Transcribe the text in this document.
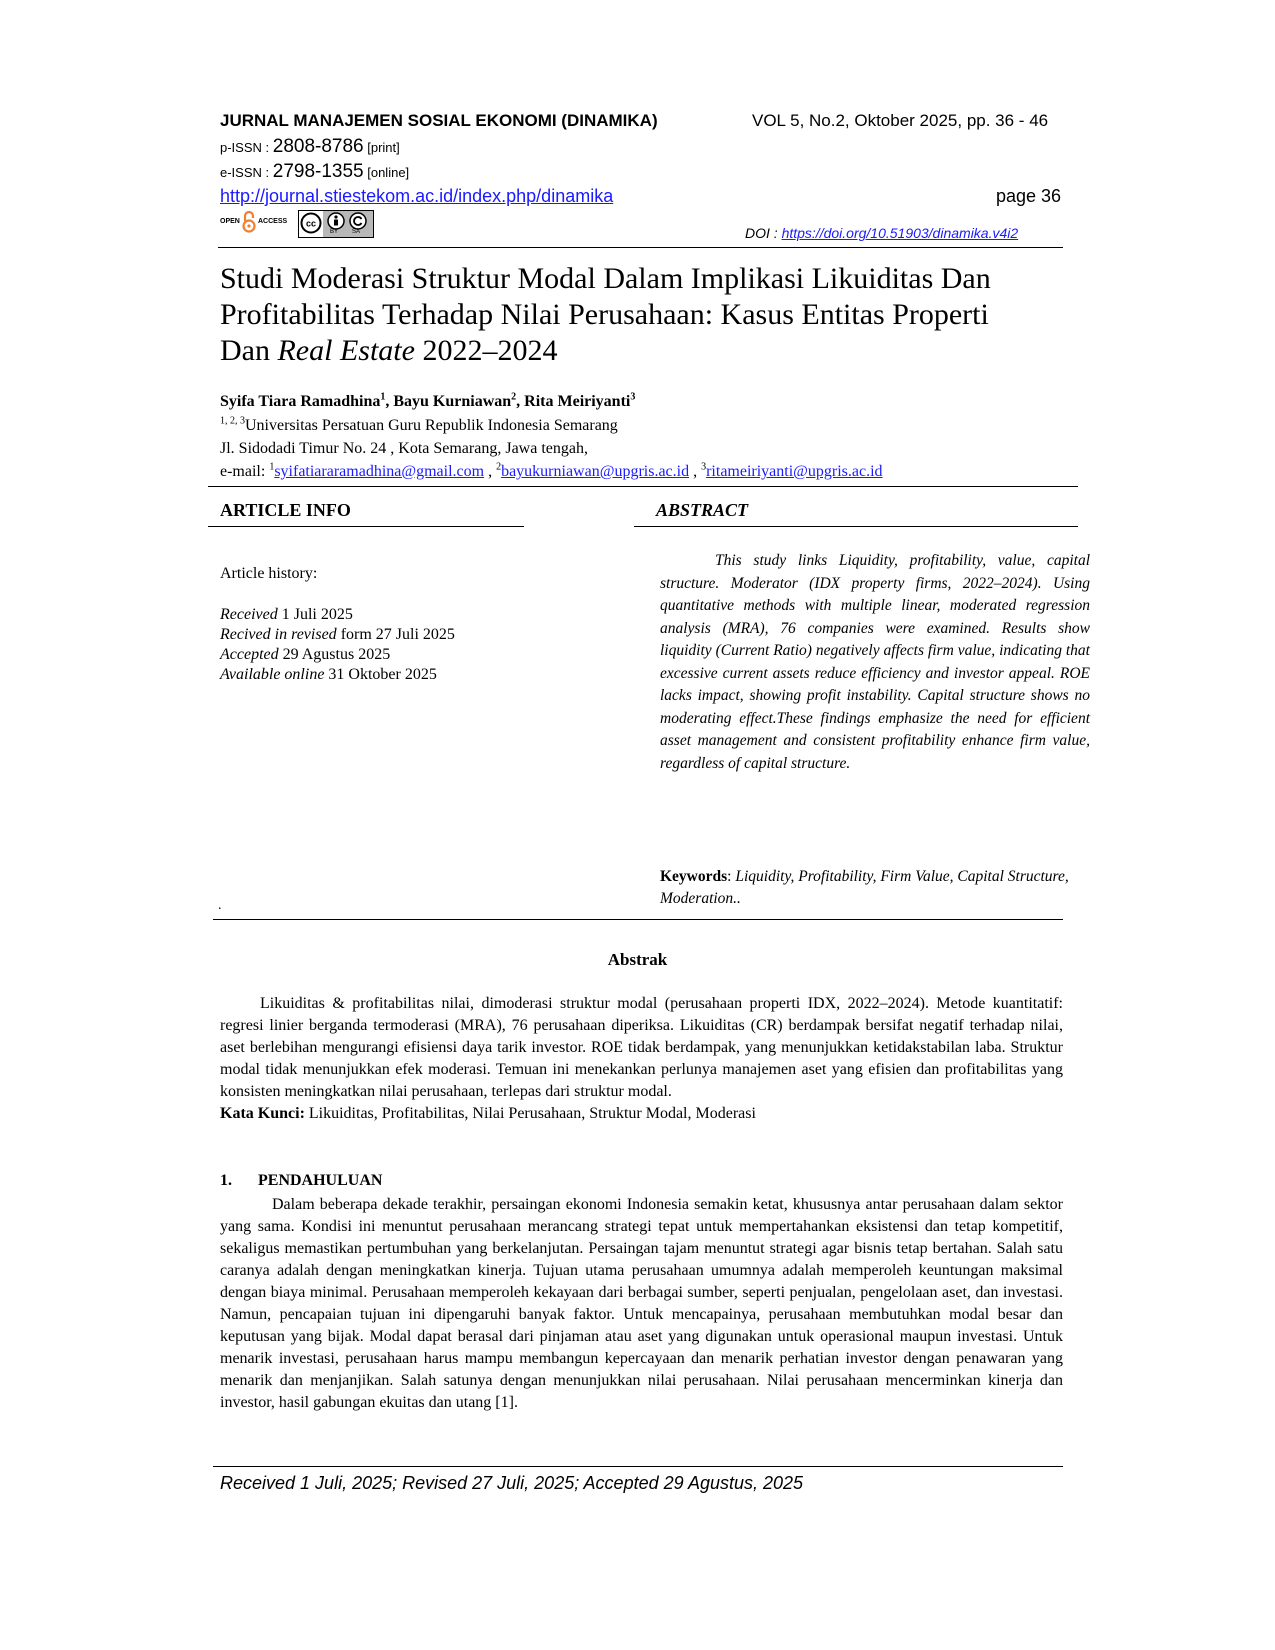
JURNAL MANAJEMEN SOSIAL EKONOMI (DINAMIKA)	VOL 5, No.2, Oktober 2025, pp. 36 - 46
p-ISSN : 2808-8786 [print]
e-ISSN : 2798-1355 [online]
http://journal.stiestekom.ac.id/index.php/dinamika	page 36
OPEN	ACCESS cc
BY SA	DOI : https://doi.org/10.51903/dinamika.v4i2
Studi Moderasi Struktur Modal Dalam Implikasi Likuiditas Dan
Profitabilitas Terhadap Nilai Perusahaan: Kasus Entitas Properti
Dan Real Estate 2022–2024
Syifa Tiara Ramadhina$^1$, Bayu Kurniawan$^2$, Rita Meiriyanti$^3$
$^{1, 2, 3}$Universitas Persatuan Guru Republik Indonesia Semarang
Jl. Sidodadi Timur No. 24 , Kota Semarang, Jawa tengah,
e-mail: $^1$syifatiararamadhina@gmail.com , $^2$bayukurniawan@upgris.ac.id , $^3$ritameiriyanti@upgris.ac.id
ARTICLE INFO
Article history:
Received 1 Juli 2025
Recived in revised form 27 Juli 2025
Accepted 29 Agustus 2025
Available online 31 Oktober 2025
.
ABSTRACT

This study links Liquidity, profitability, value, capital structure. Moderator (IDX property firms, 2022–2024). Using quantitative methods with multiple linear, moderated regression analysis (MRA), 76 companies were examined. Results show liquidity (Current Ratio) negatively affects firm value, indicating that excessive current assets reduce efficiency and investor appeal. ROE lacks impact, showing profit instability. Capital structure shows no moderating effect.These findings emphasize the need for efficient asset management and consistent profitability enhance firm value, regardless of capital structure.

Keywords: Liquidity, Profitability, Firm Value, Capital Structure, Moderation..
Abstrak
Likuiditas & profitabilitas nilai, dimoderasi struktur modal (perusahaan properti IDX, 2022–2024). Metode kuantitatif: regresi linier berganda termoderasi (MRA), 76 perusahaan diperiksa. Likuiditas (CR) berdampak bersifat negatif terhadap nilai, aset berlebihan mengurangi efisiensi daya tarik investor. ROE tidak berdampak, yang menunjukkan ketidakstabilan laba. Struktur modal tidak menunjukkan efek moderasi. Temuan ini menekankan perlunya manajemen aset yang efisien dan profitabilitas yang konsisten meningkatkan nilai perusahaan, terlepas dari struktur modal.
Kata Kunci: Likuiditas, Profitabilitas, Nilai Perusahaan, Struktur Modal, Moderasi
1. PENDAHULUAN
Dalam beberapa dekade terakhir, persaingan ekonomi Indonesia semakin ketat, khususnya antar perusahaan dalam sektor yang sama. Kondisi ini menuntut perusahaan merancang strategi tepat untuk mempertahankan eksistensi dan tetap kompetitif, sekaligus memastikan pertumbuhan yang berkelanjutan. Persaingan tajam menuntut strategi agar bisnis tetap bertahan. Salah satu caranya adalah dengan meningkatkan kinerja. Tujuan utama perusahaan umumnya adalah memperoleh keuntungan maksimal dengan biaya minimal. Perusahaan memperoleh kekayaan dari berbagai sumber, seperti penjualan, pengelolaan aset, dan investasi. Namun, pencapaian tujuan ini dipengaruhi banyak faktor. Untuk mencapainya, perusahaan membutuhkan modal besar dan keputusan yang bijak. Modal dapat berasal dari pinjaman atau aset yang digunakan untuk operasional maupun investasi. Untuk menarik investasi, perusahaan harus mampu membangun kepercayaan dan menarik perhatian investor dengan penawaran yang menarik dan menjanjikan. Salah satunya dengan menunjukkan nilai perusahaan. Nilai perusahaan mencerminkan kinerja dan investor, hasil gabungan ekuitas dan utang [1].
Received 1 Juli, 2025; Revised 27 Juli, 2025; Accepted 29 Agustus, 2025
